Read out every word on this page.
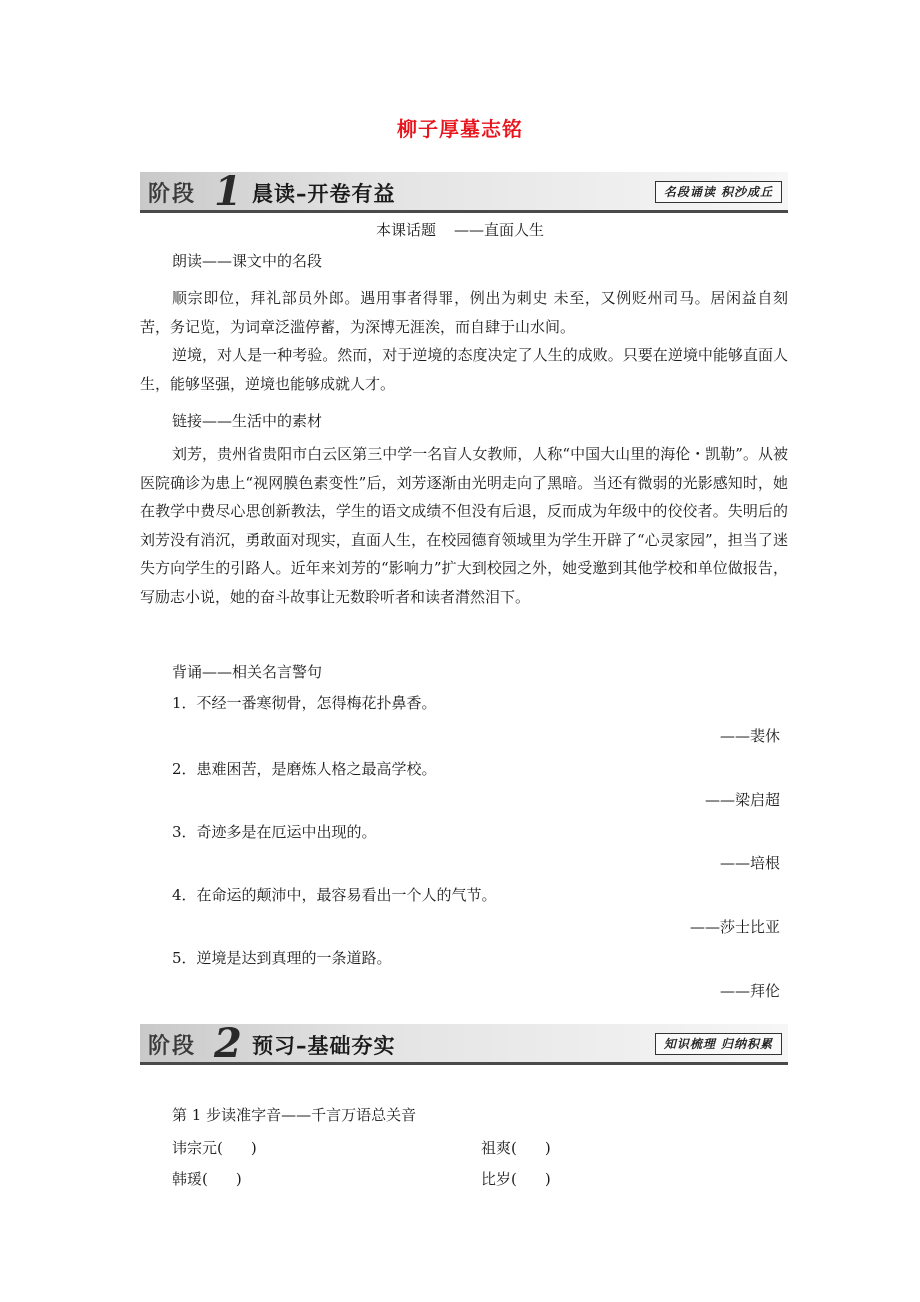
柳子厚墓志铭
阶段 1 晨读–开卷有益	名段诵读 积沙成丘
本课话题 ——直面人生

朗读——课文中的名段

顺宗即位，拜礼部员外郎。遇用事者得罪，例出为刺史 未至，又例贬州司马。居闲益自刻苦，务记览，为词章泛滥停蓄，为深博无涯涘，而自肆于山水间。

逆境，对人是一种考验。然而，对于逆境的态度决定了人生的成败。只要在逆境中能够直面人生，能够坚强，逆境也能够成就人才。

链接——生活中的素材

刘芳，贵州省贵阳市白云区第三中学一名盲人女教师，人称“中国大山里的海伦・凯勒”。从被医院确诊为患上“视网膜色素变性”后，刘芳逐渐由光明走向了黑暗。当还有微弱的光影感知时，她在教学中费尽心思创新教法，学生的语文成绩不但没有后退，反而成为年级中的佼佼者。失明后的刘芳没有消沉，勇敢面对现实，直面人生，在校园德育领域里为学生开辟了“心灵家园”，担当了迷失方向学生的引路人。近年来刘芳的“影响力”扩大到校园之外，她受邀到其他学校和单位做报告，写励志小说，她的奋斗故事让无数聆听者和读者潸然泪下。

背诵——相关名言警句

1．不经一番寒彻骨，怎得梅花扑鼻香。

——裴休

2．患难困苦，是磨炼人格之最高学校。

——梁启超

3．奇迹多是在厄运中出现的。

——培根

4．在命运的颠沛中，最容易看出一个人的气节。

——莎士比亚

5．逆境是达到真理的一条道路。

——拜伦
阶段 2 预习–基础夯实	知识梳理 归纳积累

第 1 步读准字音——千言万语总关音

讳宗元( )	祖爽( )
韩瑗( )	比岁( )
